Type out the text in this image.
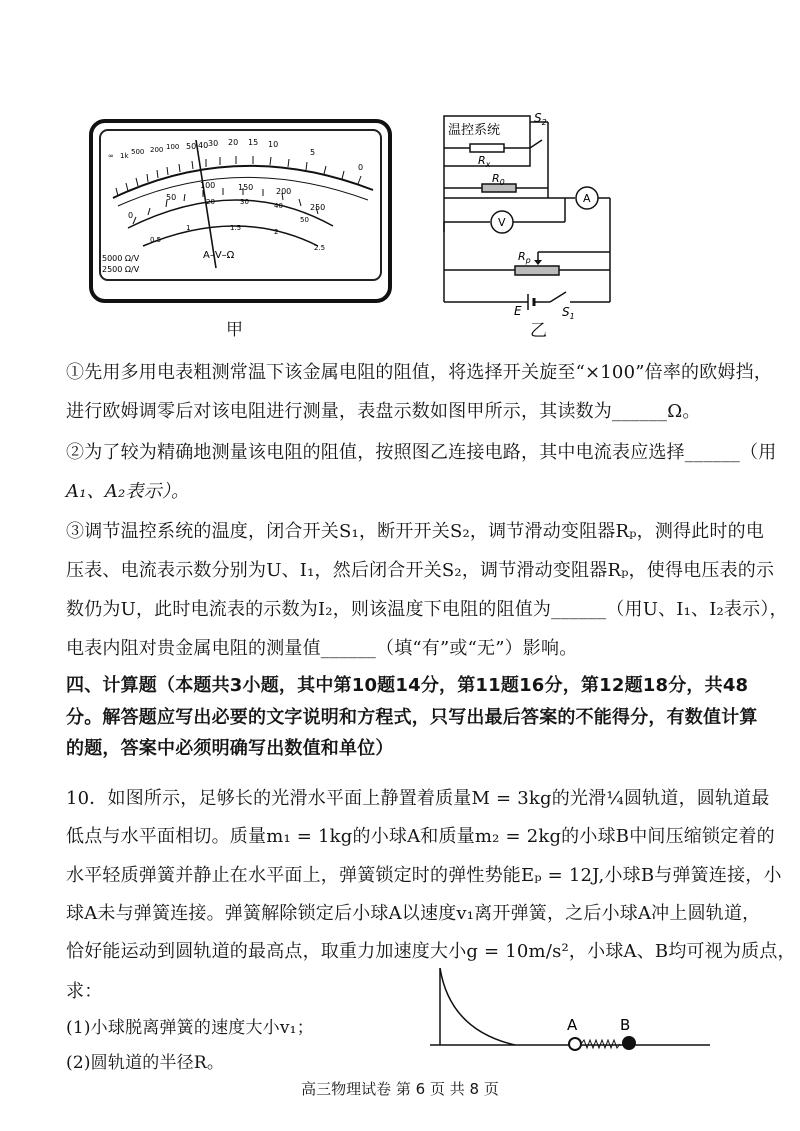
∞ 1k 500 200 100 50 40 30 20 15 10
5
0
100	150	200
250
50
0
20	30	40
50
0.5
1	1.5	2
2.5
A–V–Ω
5000 Ω/V
2500 Ω/V
甲
温控系统
$S_2$
$R_x$
$R_0$
A
V
$R_p$
E	$S_1$
乙
①先用多用电表粗测常温下该金属电阻的阻值，将选择开关旋至“×100”倍率的欧姆挡，
进行欧姆调零后对该电阻进行测量，表盘示数如图甲所示，其读数为______Ω。
②为了较为精确地测量该电阻的阻值，按照图乙连接电路，其中电流表应选择______（用
A₁、A₂表示）。
③调节温控系统的温度，闭合开关S₁，断开开关S₂，调节滑动变阻器Rₚ，测得此时的电
压表、电流表示数分别为U、I₁，然后闭合开关S₂，调节滑动变阻器Rₚ，使得电压表的示
数仍为U，此时电流表的示数为I₂，则该温度下电阻的阻值为______（用U、I₁、I₂表示），
电表内阻对贵金属电阻的测量值______（填“有”或“无”）影响。
四、计算题（本题共3小题，其中第10题14分，第11题16分，第12题18分，共48
分。解答题应写出必要的文字说明和方程式，只写出最后答案的不能得分，有数值计算
的题，答案中必须明确写出数值和单位）
10．如图所示，足够长的光滑水平面上静置着质量M = 3kg的光滑¼圆轨道，圆轨道最
低点与水平面相切。质量m₁ = 1kg的小球A和质量m₂ = 2kg的小球B中间压缩锁定着的
水平轻质弹簧并静止在水平面上，弹簧锁定时的弹性势能Eₚ = 12J,小球B与弹簧连接，小
球A未与弹簧连接。弹簧解除锁定后小球A以速度v₁离开弹簧，之后小球A冲上圆轨道，
恰好能运动到圆轨道的最高点，取重力加速度大小g = 10m/s²，小球A、B均可视为质点，
求：
(1)小球脱离弹簧的速度大小v₁；
(2)圆轨道的半径R。
A	B
高三物理试卷 第 6 页 共 8 页
